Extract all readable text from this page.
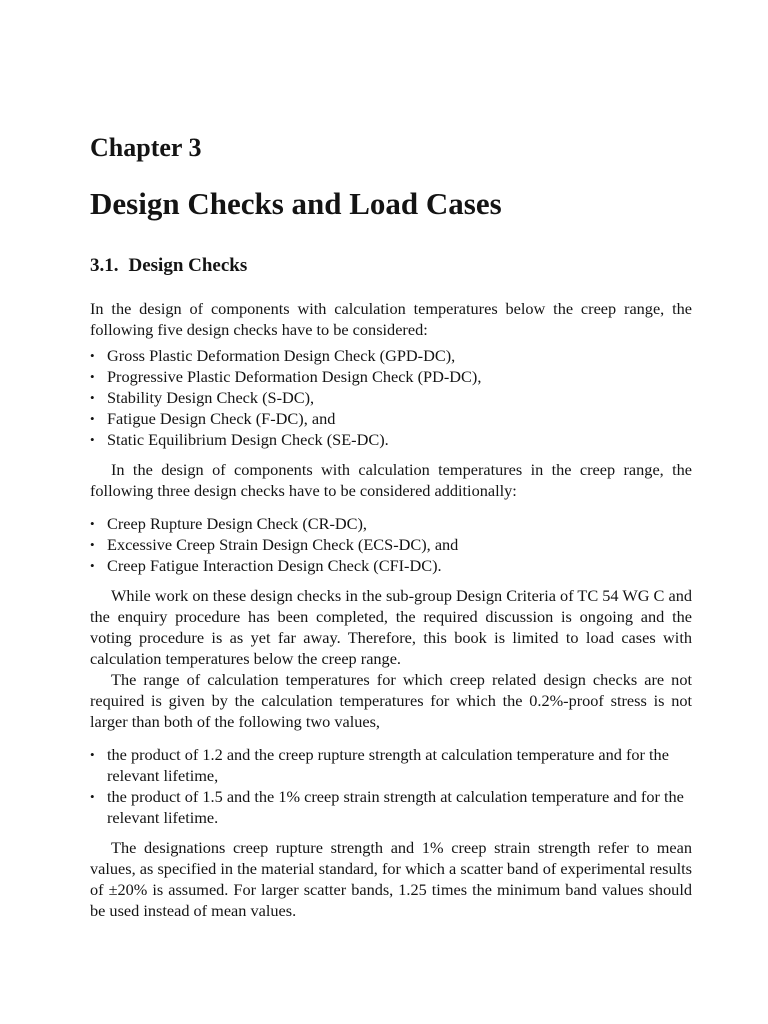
Chapter 3
Design Checks and Load Cases
3.1. Design Checks

In the design of components with calculation temperatures below the creep range, the following five design checks have to be considered:

• Gross Plastic Deformation Design Check (GPD-DC),
• Progressive Plastic Deformation Design Check (PD-DC),
• Stability Design Check (S-DC),
• Fatigue Design Check (F-DC), and
• Static Equilibrium Design Check (SE-DC).

In the design of components with calculation temperatures in the creep range, the following three design checks have to be considered additionally:

• Creep Rupture Design Check (CR-DC),
• Excessive Creep Strain Design Check (ECS-DC), and
• Creep Fatigue Interaction Design Check (CFI-DC).

While work on these design checks in the sub-group Design Criteria of TC 54 WG C and the enquiry procedure has been completed, the required discussion is ongoing and the voting procedure is as yet far away. Therefore, this book is limited to load cases with calculation temperatures below the creep range.

The range of calculation temperatures for which creep related design checks are not required is given by the calculation temperatures for which the 0.2%-proof stress is not larger than both of the following two values,

• the product of 1.2 and the creep rupture strength at calculation temperature and for the relevant lifetime,
• the product of 1.5 and the 1% creep strain strength at calculation temperature and for the relevant lifetime.

The designations creep rupture strength and 1% creep strain strength refer to mean values, as specified in the material standard, for which a scatter band of experimental results of ±20% is assumed. For larger scatter bands, 1.25 times the minimum band values should be used instead of mean values.
